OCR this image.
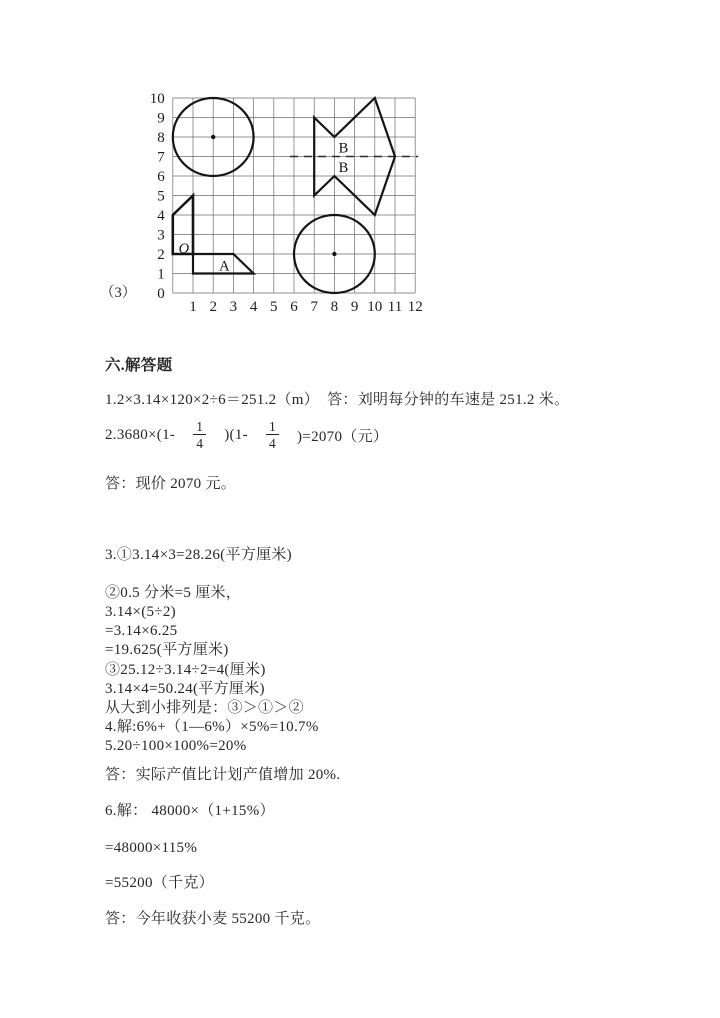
（3）
10
9
8
7
6
5
4
3
2
1
0
1 2 3 4 5 6 7 8 9 10 11 12
O
A
B
B
六.解答题
1.2×3.14×120×2÷6＝251.2（m）  答：刘明每分钟的车速是 251.2 米。
$2.3680\times(1- \frac{1}{4} )(1- \frac{1}{4} )=2070$（元）
答：现价 2070 元。
3.①3.14×3=28.26(平方厘米)
②0.5 分米=5 厘米，
3.14×(5÷2)
=3.14×6.25
=19.625(平方厘米)
③25.12÷3.14÷2=4(厘米)
3.14×4=50.24(平方厘米)
从大到小排列是：③＞①＞②
4.解:6%+（1—6%）×5%=10.7%
5.20÷100×100%=20%
答：实际产值比计划产值增加 20%.
6.解： 48000×（1+15%）
=48000×115%
=55200（千克）
答：今年收获小麦 55200 千克。
